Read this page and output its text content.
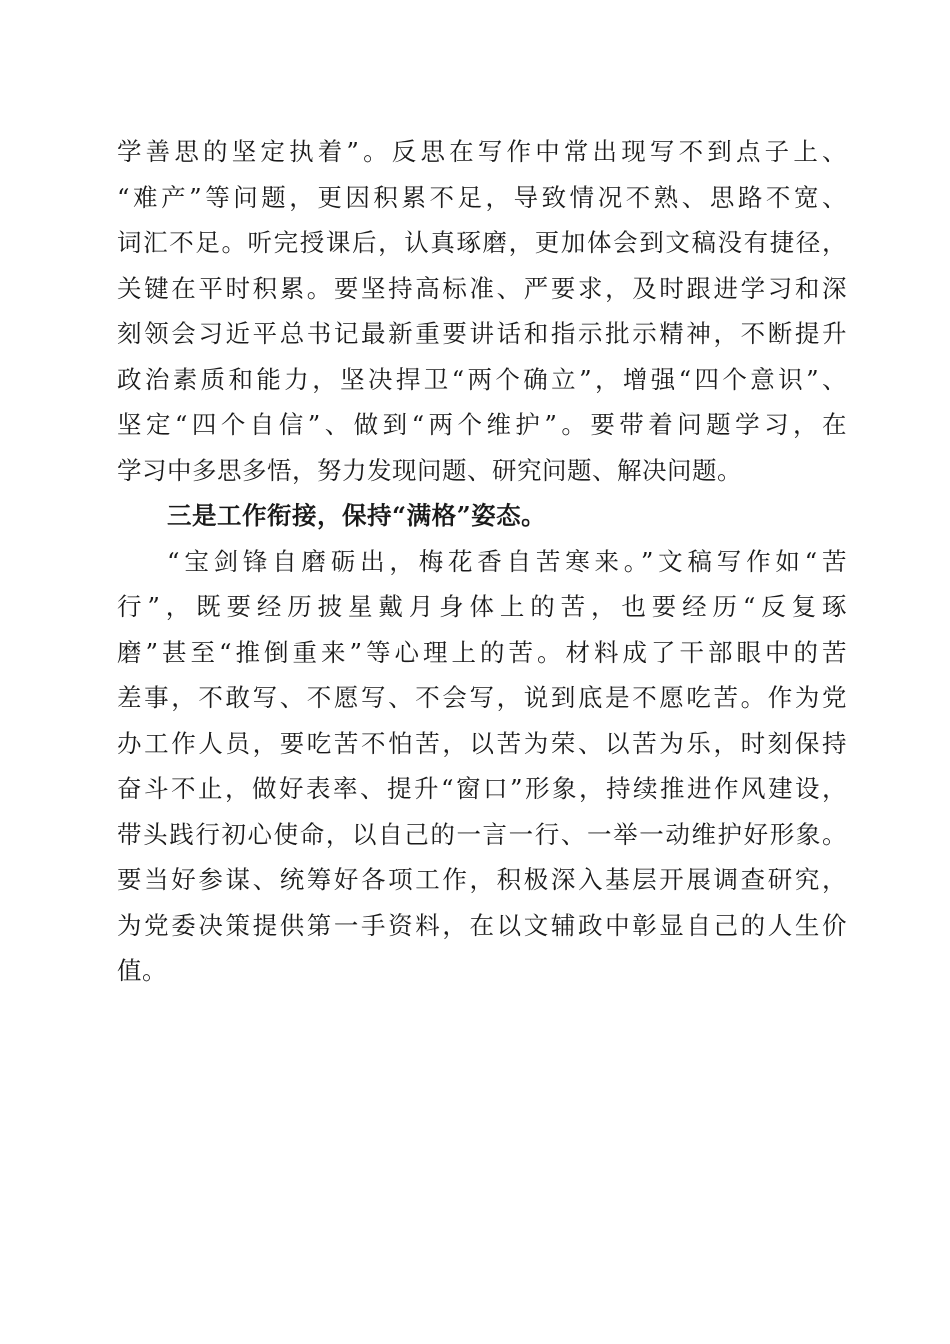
学善思的坚定执着”。反思在写作中常出现写不到点子上、
“难产”等问题，更因积累不足，导致情况不熟、思路不宽、
词汇不足。听完授课后，认真琢磨，更加体会到文稿没有捷径，
关键在平时积累。要坚持高标准、严要求，及时跟进学习和深
刻领会习近平总书记最新重要讲话和指示批示精神，不断提升
政治素质和能力，坚决捍卫“两个确立”，增强“四个意识”、
坚定“四个自信”、做到“两个维护”。要带着问题学习，在
学习中多思多悟，努力发现问题、研究问题、解决问题。
三是工作衔接，保持“满格”姿态。
“宝剑锋自磨砺出，梅花香自苦寒来。”文稿写作如“苦
行”，既要经历披星戴月身体上的苦，也要经历“反复琢
磨”甚至“推倒重来”等心理上的苦。材料成了干部眼中的苦
差事，不敢写、不愿写、不会写，说到底是不愿吃苦。作为党
办工作人员，要吃苦不怕苦，以苦为荣、以苦为乐，时刻保持
奋斗不止，做好表率、提升“窗口”形象，持续推进作风建设，
带头践行初心使命，以自己的一言一行、一举一动维护好形象。
要当好参谋、统筹好各项工作，积极深入基层开展调查研究，
为党委决策提供第一手资料，在以文辅政中彰显自己的人生价
值。
